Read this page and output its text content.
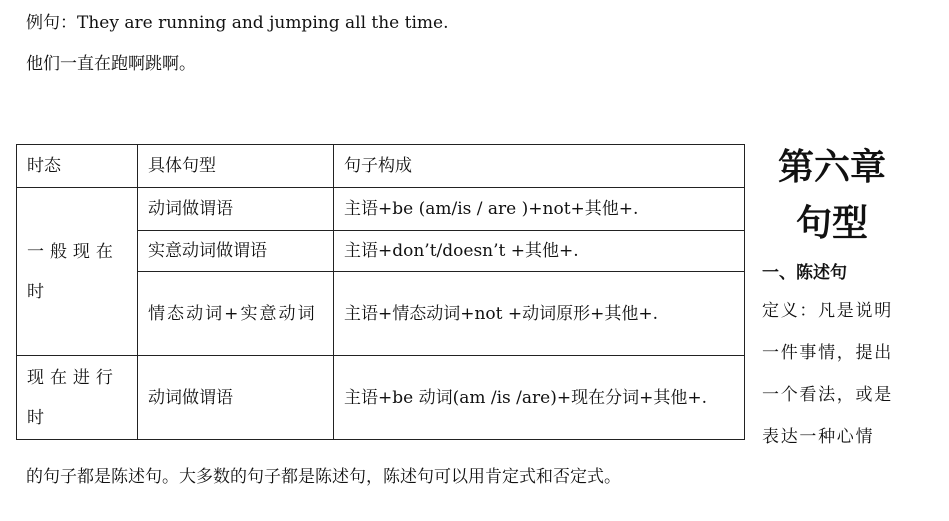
例句：They are running and jumping all the time.
他们一直在跑啊跳啊。
时态	具体句型	句子构成
一般现在时	动词做谓语	主语+be (am/is / are )+not+其他+.
	实意动词做谓语	主语+don’t/doesn’t +其他+.
	情态动词+实意动词	主语+情态动词+not +动词原形+其他+.
现在进行时	动词做谓语	主语+be 动词(am /is /are)+现在分词+其他+.
第六章
句型
一、陈述句
定义：凡是说明一件事情，提出一个看法，或是表达一种心情
的句子都是陈述句。大多数的句子都是陈述句，陈述句可以用肯定式和否定式。
